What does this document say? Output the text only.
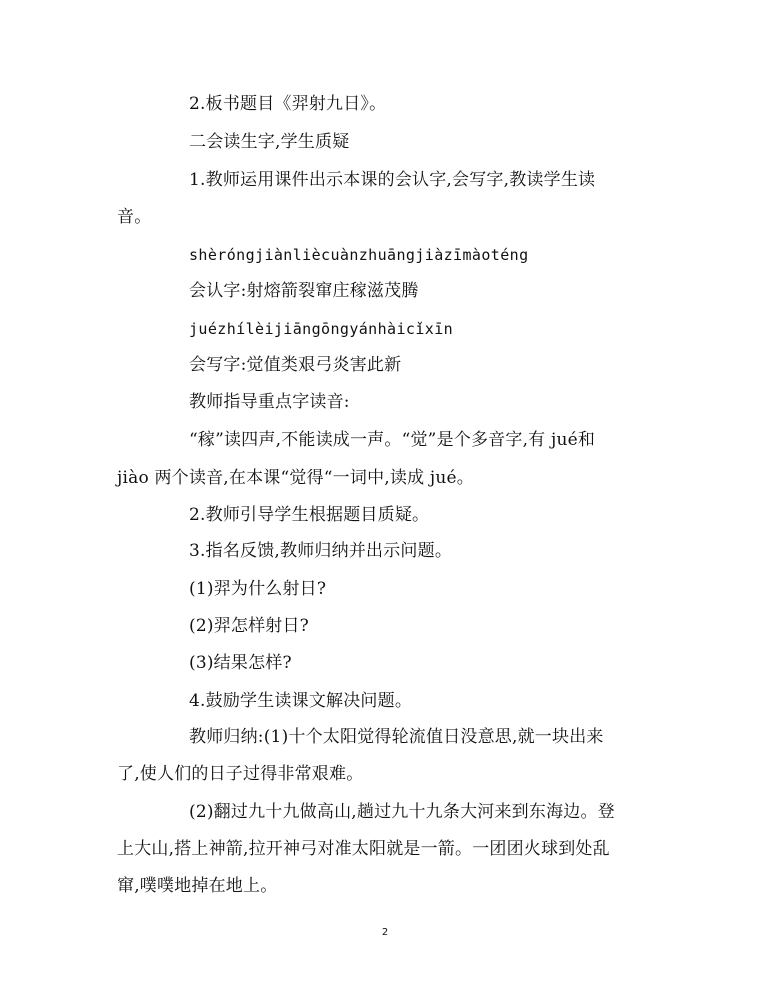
2.板书题目《羿射九日》。
二会读生字,学生质疑
1.教师运用课件出示本课的会认字,会写字,教读学生读
音。
shèróngjiànlièсuànzhuāngjiàzīmàoténg
会认字:射熔箭裂窜庄稼滋茂腾
juézhílèijiāngōngyánhàicǐxīn
会写字:觉值类艰弓炎害此新
教师指导重点字读音:
“稼”读四声,不能读成一声。“觉”是个多音字,有 jué和
jiào 两个读音,在本课“觉得“一词中,读成 jué。
2.教师引导学生根据题目质疑。
3.指名反馈,教师归纳并出示问题。
(1)羿为什么射日?
(2)羿怎样射日?
(3)结果怎样?
4.鼓励学生读课文解决问题。
教师归纳:(1)十个太阳觉得轮流值日没意思,就一块出来
了,使人们的日子过得非常艰难。
(2)翻过九十九做高山,趟过九十九条大河来到东海边。登
上大山,搭上神箭,拉开神弓对准太阳就是一箭。一团团火球到处乱
窜,噗噗地掉在地上。
2
